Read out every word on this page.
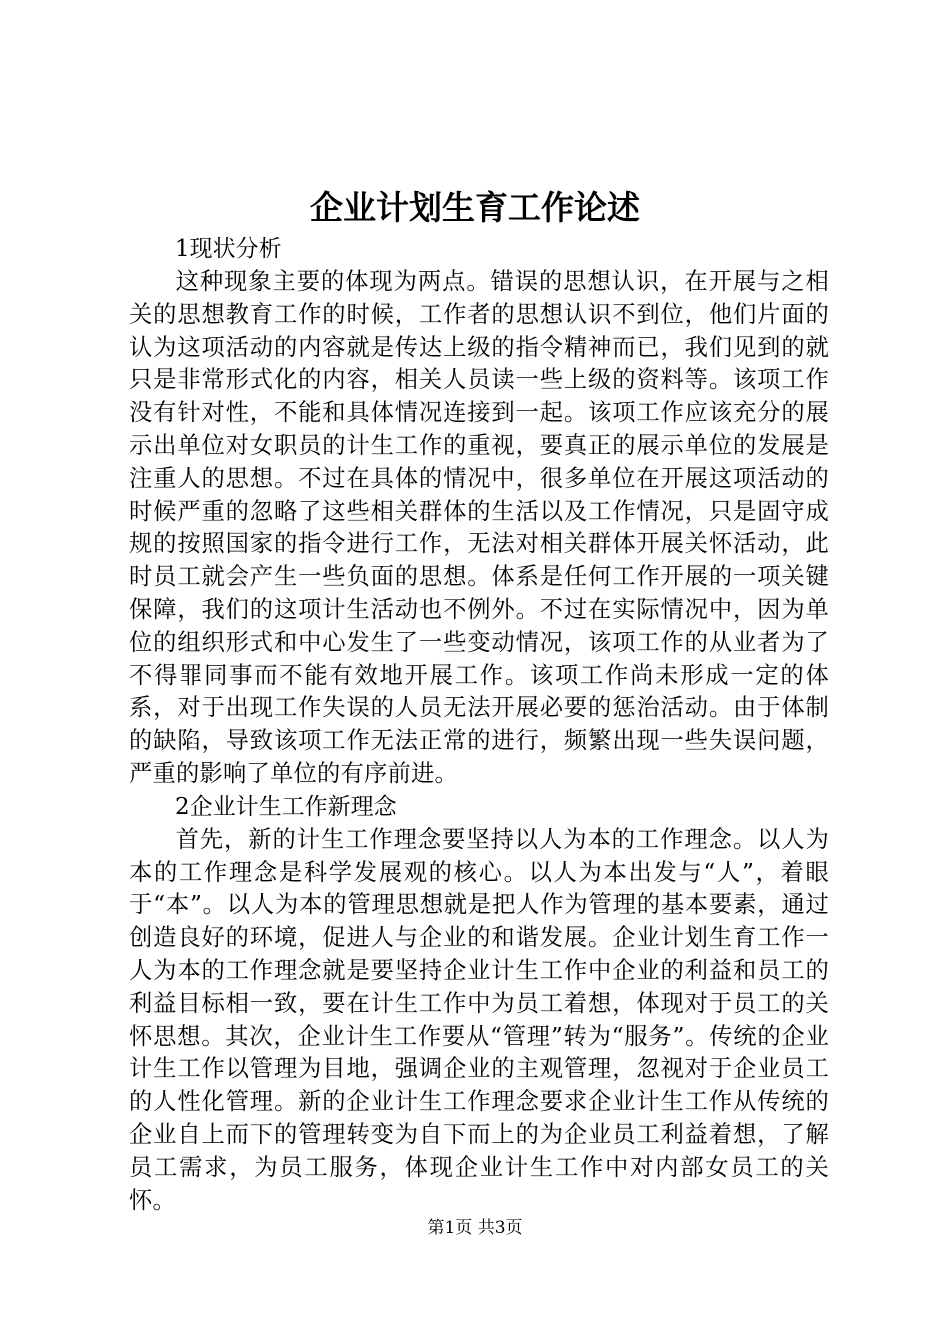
企业计划生育工作论述

1现状分析

这种现象主要的体现为两点。错误的思想认识，在开展与之相关的思想教育工作的时候，工作者的思想认识不到位，他们片面的认为这项活动的内容就是传达上级的指令精神而已，我们见到的就只是非常形式化的内容，相关人员读一些上级的资料等。该项工作没有针对性，不能和具体情况连接到一起。该项工作应该充分的展示出单位对女职员的计生工作的重视，要真正的展示单位的发展是注重人的思想。不过在具体的情况中，很多单位在开展这项活动的时候严重的忽略了这些相关群体的生活以及工作情况，只是固守成规的按照国家的指令进行工作，无法对相关群体开展关怀活动，此时员工就会产生一些负面的思想。体系是任何工作开展的一项关键保障，我们的这项计生活动也不例外。不过在实际情况中，因为单位的组织形式和中心发生了一些变动情况，该项工作的从业者为了不得罪同事而不能有效地开展工作。该项工作尚未形成一定的体系，对于出现工作失误的人员无法开展必要的惩治活动。由于体制的缺陷，导致该项工作无法正常的进行，频繁出现一些失误问题，严重的影响了单位的有序前进。

2企业计生工作新理念

首先，新的计生工作理念要坚持以人为本的工作理念。以人为本的工作理念是科学发展观的核心。以人为本出发与“人”，着眼于“本”。以人为本的管理思想就是把人作为管理的基本要素，通过创造良好的环境，促进人与企业的和谐发展。企业计划生育工作一人为本的工作理念就是要坚持企业计生工作中企业的利益和员工的利益目标相一致，要在计生工作中为员工着想，体现对于员工的关怀思想。其次，企业计生工作要从“管理”转为“服务”。传统的企业计生工作以管理为目地，强调企业的主观管理，忽视对于企业员工的人性化管理。新的企业计生工作理念要求企业计生工作从传统的企业自上而下的管理转变为自下而上的为企业员工利益着想，了解员工需求，为员工服务，体现企业计生工作中对内部女员工的关怀。

第1页 共3页
